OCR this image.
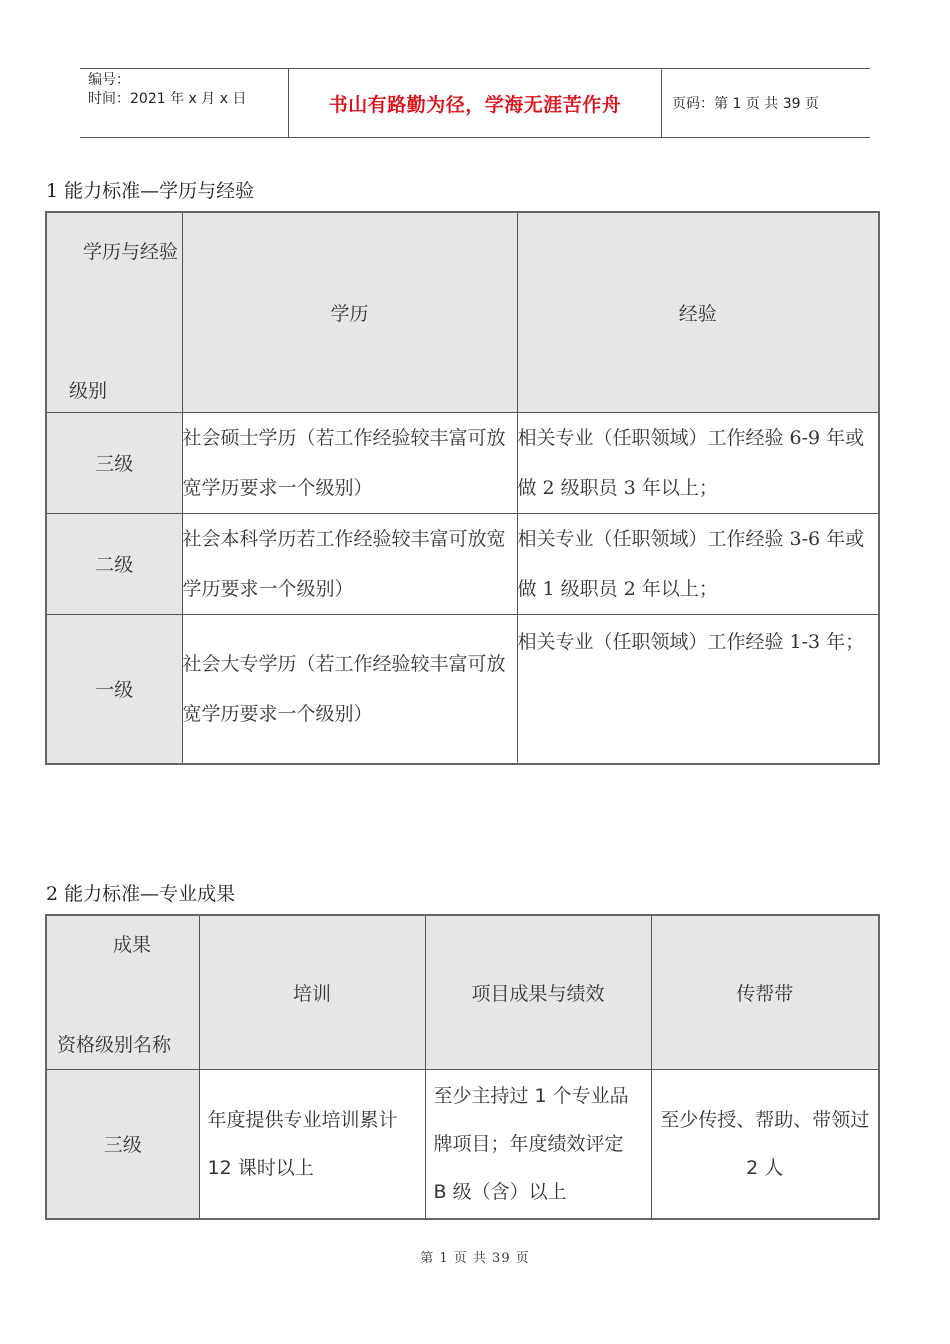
编号：
时间：2021 年 x 月 x 日	书山有路勤为径，学海无涯苦作舟	页码：第 1 页 共 39 页
1 能力标准—学历与经验
学历与经验
级别	学历	经验
三级	社会硕士学历（若工作经验较丰富可放宽学历要求一个级别）	相关专业（任职领域）工作经验 6-9 年或做 2 级职员 3 年以上；
二级	社会本科学历若工作经验较丰富可放宽学历要求一个级别）	相关专业（任职领域）工作经验 3-6 年或做 1 级职员 2 年以上；
一级	社会大专学历（若工作经验较丰富可放宽学历要求一个级别）	相关专业（任职领域）工作经验 1-3 年；
2 能力标准—专业成果
成果
资格级别名称	培训	项目成果与绩效	传帮带
三级	年度提供专业培训累计 12 课时以上	至少主持过 1 个专业品牌项目；年度绩效评定 B 级（含）以上	至少传授、帮助、带领过 2 人
第 1 页 共 39 页
